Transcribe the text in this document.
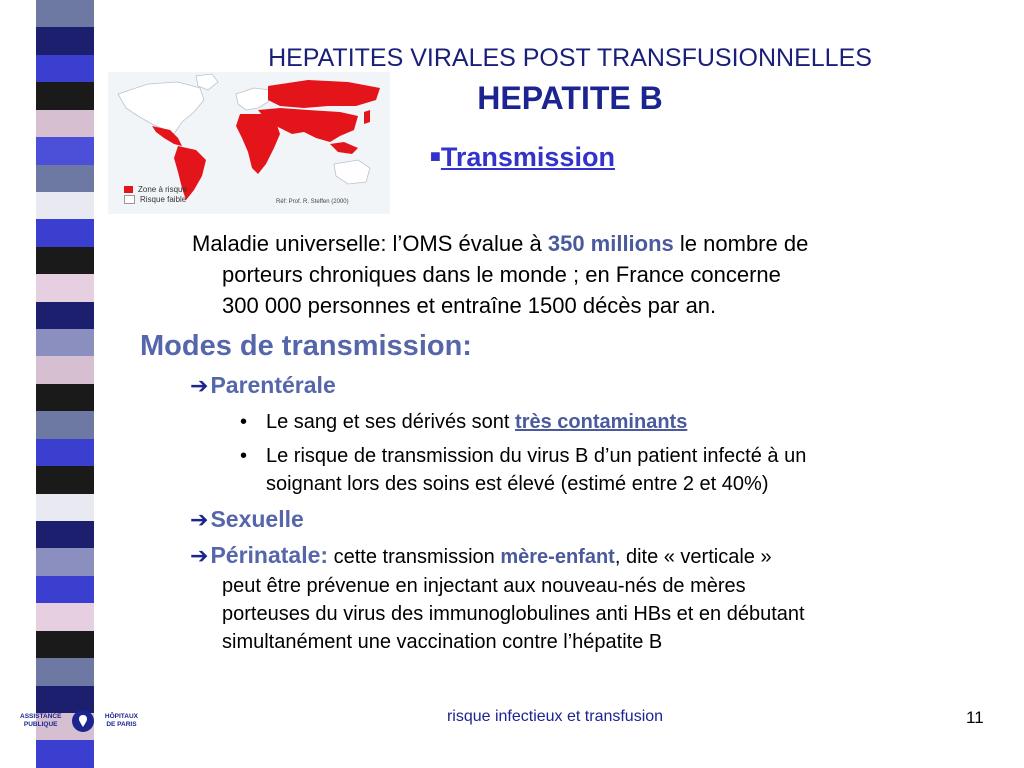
HEPATITES VIRALES POST TRANSFUSIONNELLES
HEPATITE B
■Transmission
Zone à risque
Risque faible	Réf: Prof. R. Steffen (2000)
Maladie universelle: l’OMS évalue à 350 millions le nombre de
porteurs chroniques dans le monde ; en France concerne
300 000 personnes et entraîne 1500 décès par an.
Modes de transmission:
➔Parentérale
• Le sang et ses dérivés sont très contaminants
• Le risque de transmission du virus B d’un patient infecté à un
soignant lors des soins est élevé (estimé entre 2 et 40%)
➔Sexuelle
➔Périnatale: cette transmission mère-enfant, dite « verticale »
peut être prévenue en injectant aux nouveau-nés de mères
porteuses du virus des immunoglobulines anti HBs et en débutant
simultanément une vaccination contre l’hépatite B
ASSISTANCE
PUBLIQUE
HÔPITAUX
DE PARIS	risque infectieux et transfusion	11
